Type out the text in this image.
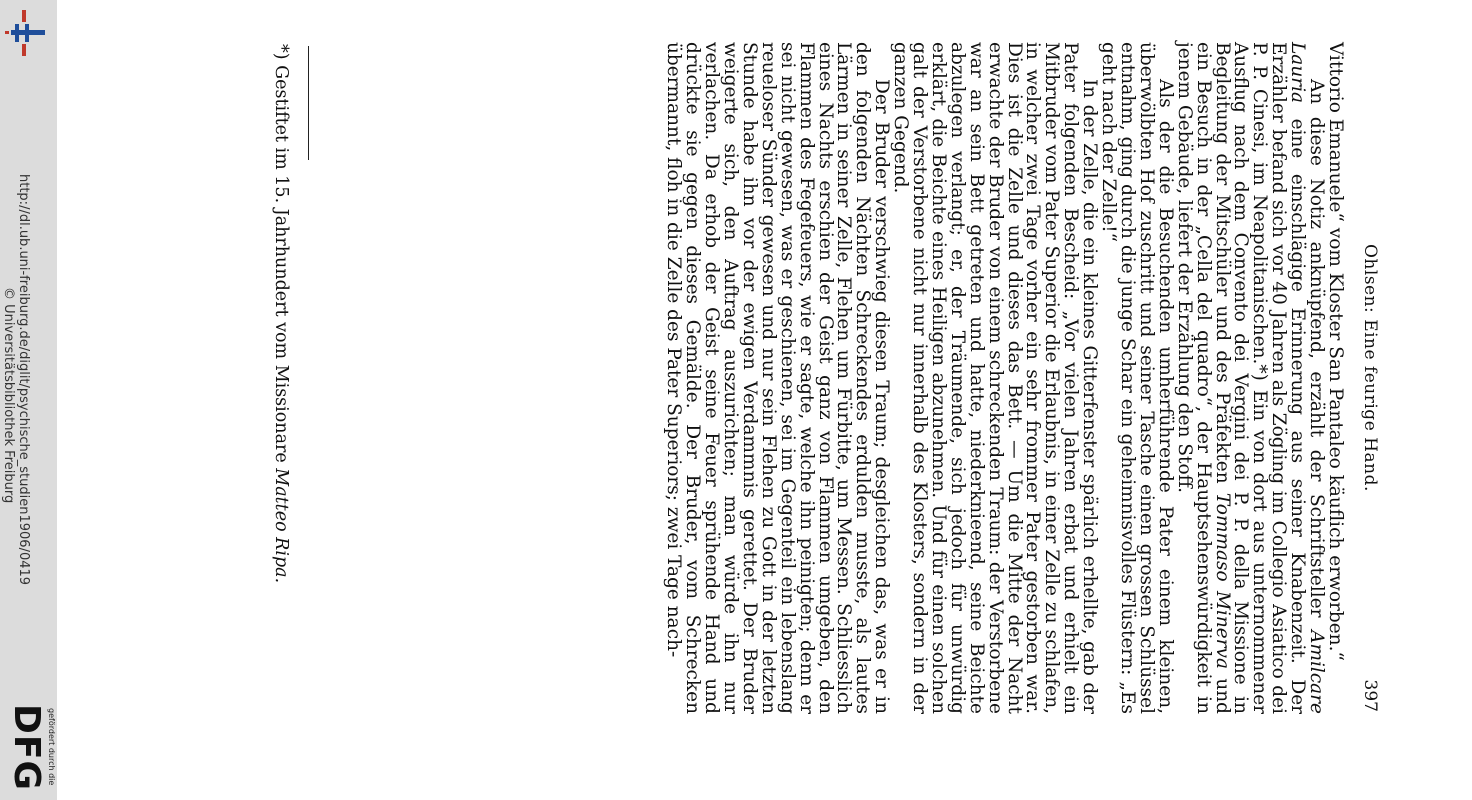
http://dl.ub.uni-freiburg.de/diglit/psychische_studien1906/0419
© Universitätsbibliothek Freiburg
gefördert durch die
DFG
Ohlsen: Eine feurige Hand.
397

Vittorio Emanuele“ vom Kloster San Pantaleo käuflich erworben.“

An diese Notiz anknüpfend, erzählt der Schriftsteller Amilcare Lauria eine einschlägige Erinnerung aus seiner Knabenzeit. Der Erzähler befand sich vor 40 Jahren als Zögling im Collegio Asiatico dei P. P. Cinesi, im Neapolitanischen.*) Ein von dort aus unternommener Ausflug nach dem Convento dei Vergini dei P. P. della Missione in Begleitung der Mitschüler und des Präfekten Tommaso Minerva und ein Besuch in der „Cella del quadro“, der Hauptsehenswürdigkeit in jenem Gebäude, liefert der Erzählung den Stoff.

Als der die Besuchenden umherführende Pater einem kleinen, überwölbten Hof zuschritt und seiner Tasche einen grossen Schlüssel entnahm, ging durch die junge Schar ein geheimnisvolles Flüstern: „Es geht nach der Zelle!“

In der Zelle, die ein kleines Gitterfenster spärlich erhellte, gab der Pater folgenden Bescheid: „Vor vielen Jahren erbat und erhielt ein Mitbruder vom Pater Superior die Erlaubnis, in einer Zelle zu schlafen, in welcher zwei Tage vorher ein sehr frommer Pater gestorben war. Dies ist die Zelle und dieses das Bett. — Um die Mitte der Nacht erwachte der Bruder von einem schreckenden Traum: der Verstorbene war an sein Bett getreten und hatte, niederknieend, seine Beichte abzulegen verlangt; er, der Träumende, sich jedoch für unwürdig erklärt, die Beichte eines Heiligen abzunehmen. Und für einen solchen galt der Verstorbene nicht nur innerhalb des Klosters, sondern in der ganzen Gegend.

Der Bruder verschwieg diesen Traum; desgleichen das, was er in den folgenden Nächten Schreckendes erdulden musste, als lautes Lärmen in seiner Zelle, Flehen um Fürbitte, um Messen. Schliesslich eines Nachts erschien der Geist ganz von Flammen umgeben, den Flammen des Fegefeuers, wie er sagte, welche ihn peinigten; denn er sei nicht gewesen, was er geschienen, sei im Gegenteil ein lebenslang reueloser Sünder gewesen und nur sein Flehen zu Gott in der letzten Stunde habe ihn vor der ewigen Verdammnis gerettet. Der Bruder weigerte sich, den Auftrag auszurichten; man würde ihn nur verlachen. Da erhob der Geist seine Feuer sprühende Hand und drückte sie gegen dieses Gemälde. Der Bruder, vom Schrecken übermannt, floh in die Zelle des Pater Superiors; zwei Tage nach-

*) Gestiftet im 15. Jahrhundert vom Missionare Matteo Ripa.
